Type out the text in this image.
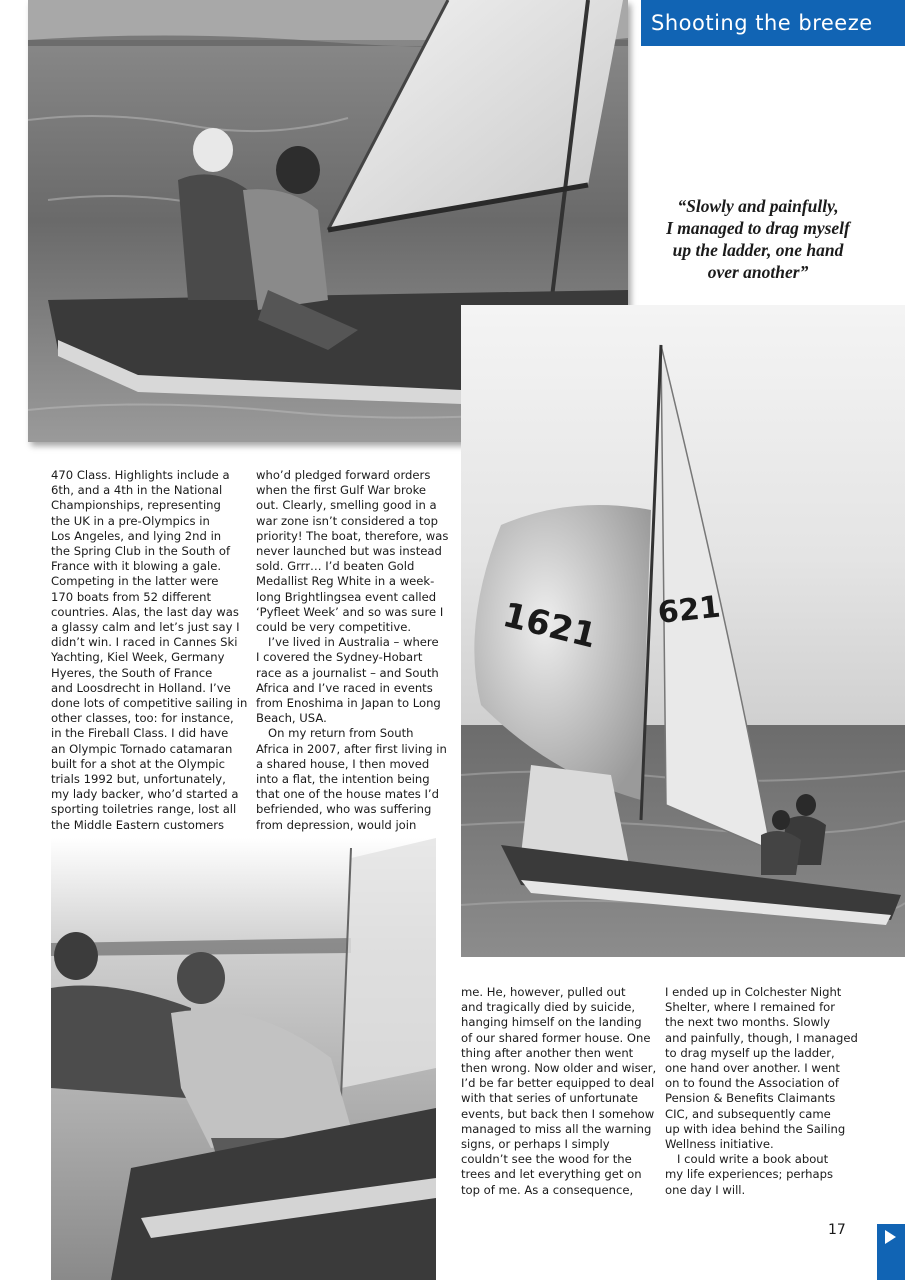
Shooting the breeze
“Slowly and painfully,
I managed to drag myself
up the ladder, one hand
over another”
1621 621
470 Class. Highlights include a
6th, and a 4th in the National
Championships, representing
the UK in a pre-Olympics in
Los Angeles, and lying 2nd in
the Spring Club in the South of
France with it blowing a gale.
Competing in the latter were
170 boats from 52 different
countries. Alas, the last day was
a glassy calm and let’s just say I
didn’t win. I raced in Cannes Ski
Yachting, Kiel Week, Germany
Hyeres, the South of France
and Loosdrecht in Holland. I’ve
done lots of competitive sailing in
other classes, too: for instance,
in the Fireball Class. I did have
an Olympic Tornado catamaran
built for a shot at the Olympic
trials 1992 but, unfortunately,
my lady backer, who’d started a
sporting toiletries range, lost all
the Middle Eastern customers
who’d pledged forward orders
when the first Gulf War broke
out. Clearly, smelling good in a
war zone isn’t considered a top
priority! The boat, therefore, was
never launched but was instead
sold. Grrr… I’d beaten Gold
Medallist Reg White in a week-
long Brightlingsea event called
‘Pyfleet Week’ and so was sure I
could be very competitive.
I’ve lived in Australia – where
I covered the Sydney-Hobart
race as a journalist – and South
Africa and I’ve raced in events
from Enoshima in Japan to Long
Beach, USA.
On my return from South
Africa in 2007, after first living in
a shared house, I then moved
into a flat, the intention being
that one of the house mates I’d
befriended, who was suffering
from depression, would join
me. He, however, pulled out
and tragically died by suicide,
hanging himself on the landing
of our shared former house. One
thing after another then went
then wrong. Now older and wiser,
I’d be far better equipped to deal
with that series of unfortunate
events, but back then I somehow
managed to miss all the warning
signs, or perhaps I simply
couldn’t see the wood for the
trees and let everything get on
top of me. As a consequence,
I ended up in Colchester Night
Shelter, where I remained for
the next two months. Slowly
and painfully, though, I managed
to drag myself up the ladder,
one hand over another. I went
on to found the Association of
Pension & Benefits Claimants
CIC, and subsequently came
up with idea behind the Sailing
Wellness initiative.
I could write a book about
my life experiences; perhaps
one day I will.
17
